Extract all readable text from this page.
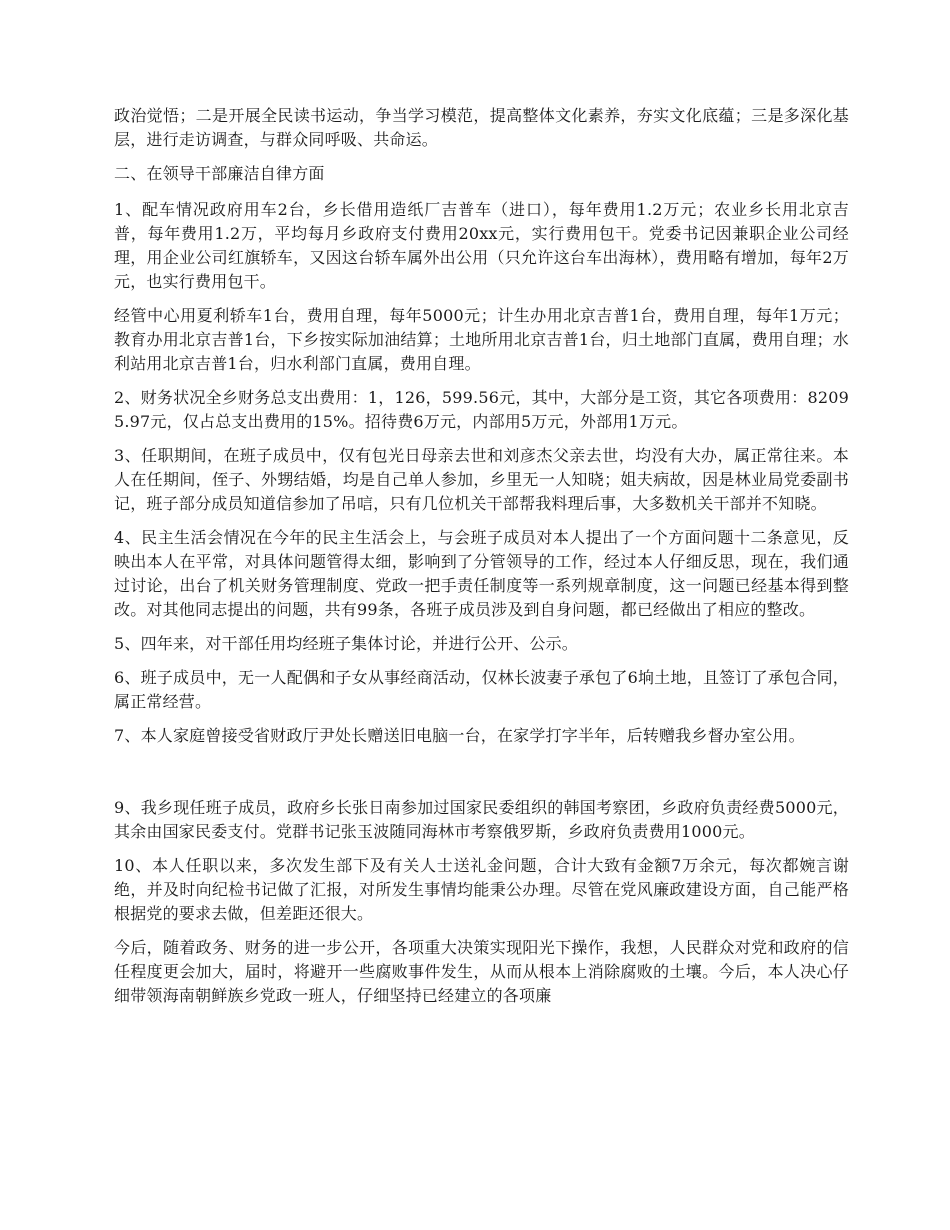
政治觉悟；二是开展全民读书运动，争当学习模范，提高整体文化素养，夯实文化底蕴；三是多深化基层，进行走访调查，与群众同呼吸、共命运。

二、在领导干部廉洁自律方面

1、配车情况政府用车2台，乡长借用造纸厂吉普车（进口），每年费用1.2万元；农业乡长用北京吉普，每年费用1.2万，平均每月乡政府支付费用20xx元，实行费用包干。党委书记因兼职企业公司经理，用企业公司红旗轿车，又因这台轿车属外出公用（只允许这台车出海林），费用略有增加，每年2万元，也实行费用包干。

经管中心用夏利轿车1台，费用自理，每年5000元；计生办用北京吉普1台，费用自理，每年1万元；教育办用北京吉普1台，下乡按实际加油结算；土地所用北京吉普1台，归土地部门直属，费用自理；水利站用北京吉普1台，归水利部门直属，费用自理。

2、财务状况全乡财务总支出费用：1，126，599.56元，其中，大部分是工资，其它各项费用：82095.97元，仅占总支出费用的15%。招待费6万元，内部用5万元，外部用1万元。

3、任职期间，在班子成员中，仅有包光日母亲去世和刘彦杰父亲去世，均没有大办，属正常往来。本人在任期间，侄子、外甥结婚，均是自己单人参加，乡里无一人知晓；姐夫病故，因是林业局党委副书记，班子部分成员知道信参加了吊唁，只有几位机关干部帮我料理后事，大多数机关干部并不知晓。

4、民主生活会情况在今年的民主生活会上，与会班子成员对本人提出了一个方面问题十二条意见，反映出本人在平常，对具体问题管得太细，影响到了分管领导的工作，经过本人仔细反思，现在，我们通过讨论，出台了机关财务管理制度、党政一把手责任制度等一系列规章制度，这一问题已经基本得到整改。对其他同志提出的问题，共有99条，各班子成员涉及到自身问题，都已经做出了相应的整改。

5、四年来，对干部任用均经班子集体讨论，并进行公开、公示。

6、班子成员中，无一人配偶和子女从事经商活动，仅林长波妻子承包了6垧土地，且签订了承包合同，属正常经营。

7、本人家庭曾接受省财政厅尹处长赠送旧电脑一台，在家学打字半年，后转赠我乡督办室公用。

9、我乡现任班子成员，政府乡长张日南参加过国家民委组织的韩国考察团，乡政府负责经费5000元，其余由国家民委支付。党群书记张玉波随同海林市考察俄罗斯，乡政府负责费用1000元。

10、本人任职以来，多次发生部下及有关人士送礼金问题，合计大致有金额7万余元，每次都婉言谢绝，并及时向纪检书记做了汇报，对所发生事情均能秉公办理。尽管在党风廉政建设方面，自己能严格根据党的要求去做，但差距还很大。

今后，随着政务、财务的进一步公开，各项重大决策实现阳光下操作，我想，人民群众对党和政府的信任程度更会加大，届时，将避开一些腐败事件发生，从而从根本上消除腐败的土壤。今后，本人决心仔细带领海南朝鲜族乡党政一班人，仔细坚持已经建立的各项廉
